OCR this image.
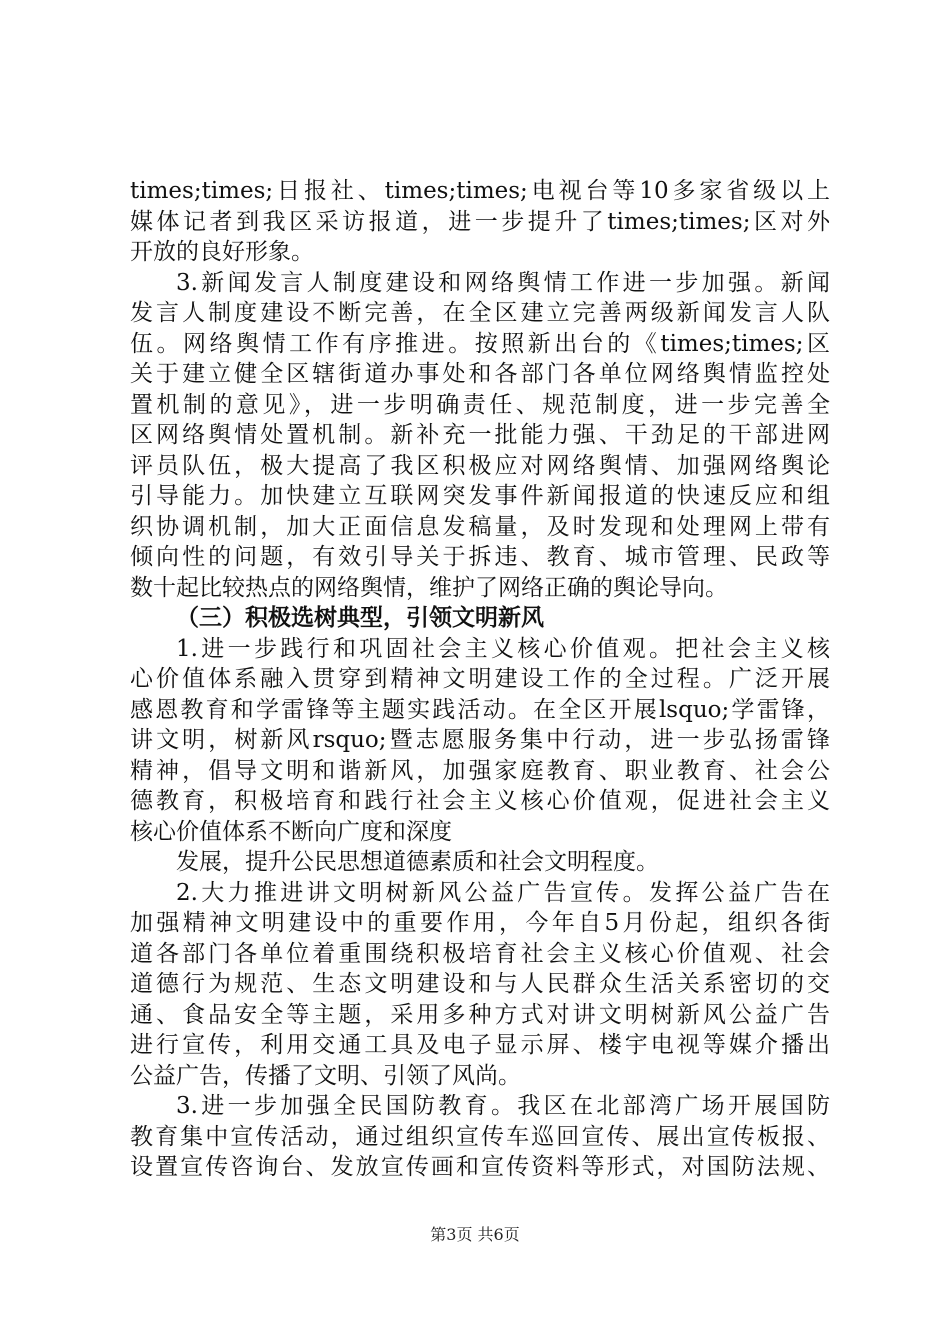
times;times;日报社、times;times;电视台等10多家省级以上
媒体记者到我区采访报道，进一步提升了times;times;区对外
开放的良好形象。
3.新闻发言人制度建设和网络舆情工作进一步加强。新闻
发言人制度建设不断完善，在全区建立完善两级新闻发言人队
伍。网络舆情工作有序推进。按照新出台的《times;times;区
关于建立健全区辖街道办事处和各部门各单位网络舆情监控处
置机制的意见》，进一步明确责任、规范制度，进一步完善全
区网络舆情处置机制。新补充一批能力强、干劲足的干部进网
评员队伍，极大提高了我区积极应对网络舆情、加强网络舆论
引导能力。加快建立互联网突发事件新闻报道的快速反应和组
织协调机制，加大正面信息发稿量，及时发现和处理网上带有
倾向性的问题，有效引导关于拆违、教育、城市管理、民政等
数十起比较热点的网络舆情，维护了网络正确的舆论导向。
（三）积极选树典型，引领文明新风
1.进一步践行和巩固社会主义核心价值观。把社会主义核
心价值体系融入贯穿到精神文明建设工作的全过程。广泛开展
感恩教育和学雷锋等主题实践活动。在全区开展lsquo;学雷锋，
讲文明，树新风rsquo;暨志愿服务集中行动，进一步弘扬雷锋
精神，倡导文明和谐新风，加强家庭教育、职业教育、社会公
德教育，积极培育和践行社会主义核心价值观，促进社会主义
核心价值体系不断向广度和深度
发展，提升公民思想道德素质和社会文明程度。
2.大力推进讲文明树新风公益广告宣传。发挥公益广告在
加强精神文明建设中的重要作用，今年自5月份起，组织各街
道各部门各单位着重围绕积极培育社会主义核心价值观、社会
道德行为规范、生态文明建设和与人民群众生活关系密切的交
通、食品安全等主题，采用多种方式对讲文明树新风公益广告
进行宣传，利用交通工具及电子显示屏、楼宇电视等媒介播出
公益广告，传播了文明、引领了风尚。
3.进一步加强全民国防教育。我区在北部湾广场开展国防
教育集中宣传活动，通过组织宣传车巡回宣传、展出宣传板报、
设置宣传咨询台、发放宣传画和宣传资料等形式，对国防法规、
第3页 共6页
